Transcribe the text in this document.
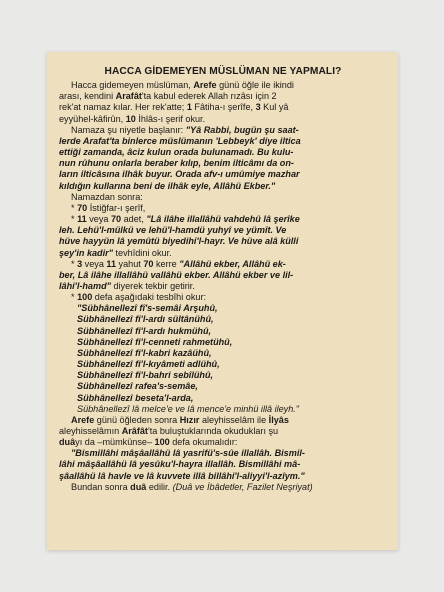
HACCA GİDEMEYEN MÜSLÜMAN NE YAPMALI?
Hacca gidemeyen müslüman, Arefe günü öğle ile ikindi
arası, kendini Arafât'ta kabul ederek Allah rızâsı için 2
rek'at namaz kılar. Her rek'atte; 1 Fâtiha-ı şerîfe, 3 Kul yâ
eyyühel-kâfirûn, 10 İhlâs-ı şerif okur.
Namaza şu niyetle başlanır: "Yâ Rabbi, bugün şu saat-
lerde Arafat'ta binlerce müslümanın 'Lebbeyk' diye iltica
ettiği zamanda, âciz kulun orada bulunamadı. Bu kulu-
nun rûhunu onlarla beraber kılıp, benim ilticâmı da on-
ların ilticâsına ilhâk buyur. Orada afv-ı umûmiye mazhar
kıldığın kullarına beni de ilhâk eyle, Allâhü Ekber."
Namazdan sonra:
* 70 İstiğfar-ı şerîf,
* 11 veya 70 adet, "Lâ ilâhe illallâhü vahdehû lâ şerîke
leh. Lehü'l-mülkü ve lehü'l-hamdü yuhyî ve yümît. Ve
hüve hayyün lâ yemûtü biyedihi'l-hayr. Ve hüve alâ külli
şey'in kadir" tevhîdini okur.
* 3 veya 11 yahut 70 kerre "Allâhü ekber, Allâhü ek-
ber, Lâ ilâhe illallâhü vallâhü ekber. Allâhü ekber ve lil-
lâhi'l-hamd" diyerek tekbir getirir.
* 100 defa aşağıdaki tesbîhi okur:
"Sübhânellezî fî's-semâi Arşuhû,
Sübhânellezî fi'l-ardı sültânühû,
Sübhânellezî fi'l-ardı hukmühû,
Sübhânellezî fi'l-cenneti rahmetühû,
Sübhânellezî fi'l-kabri kazâühû,
Sübhânellezî fi'l-kıyâmeti adlühû,
Sübhânellezî fi'l-bahri sebîlühû,
Sübhânellezî rafea's-semâe,
Sübhânellezî beseta'l-arda,
Sübhânellezî lâ melce'e ve lâ mence'e minhü illâ ileyh."
Arefe günü öğleden sonra Hızır aleyhisselâm ile İlyâs
aleyhisselâmın Arâfât'ta buluştuklarında okudukları şu
duâyı da –mümkünse– 100 defa okumalıdır:
"Bismillâhi mâşâallâhü lâ yasrifü's-sûe illallâh. Bismil-
lâhi mâşâallâhü lâ yesûku'l-hayra illallâh. Bismillâhi mâ-
şâallâhü lâ havle ve lâ kuvvete illâ billâhi'l-aliyyi'l-azîym."
Bundan sonra duâ edilir. (Duâ ve İbâdetler, Fazilet Neşriyat)
